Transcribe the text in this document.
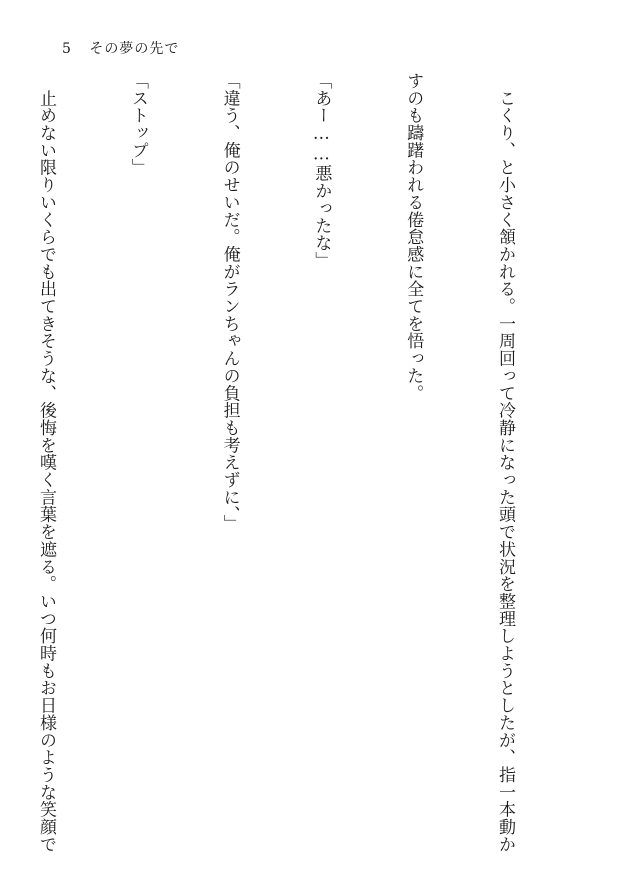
5 その夢の先で

　こくり、と小さく頷かれる。一周回って冷静になった頭で状況を整理しようとしたが、指一本動か

すのも躊躇われる倦怠感に全てを悟った。

「あー……悪かったな」

「違う、俺のせいだ。俺がランちゃんの負担も考えずに、」

「ストップ」

　止めない限りいくらでも出てきそうな、後悔を嘆く言葉を遮る。いつ何時もお日様のような笑顔で
